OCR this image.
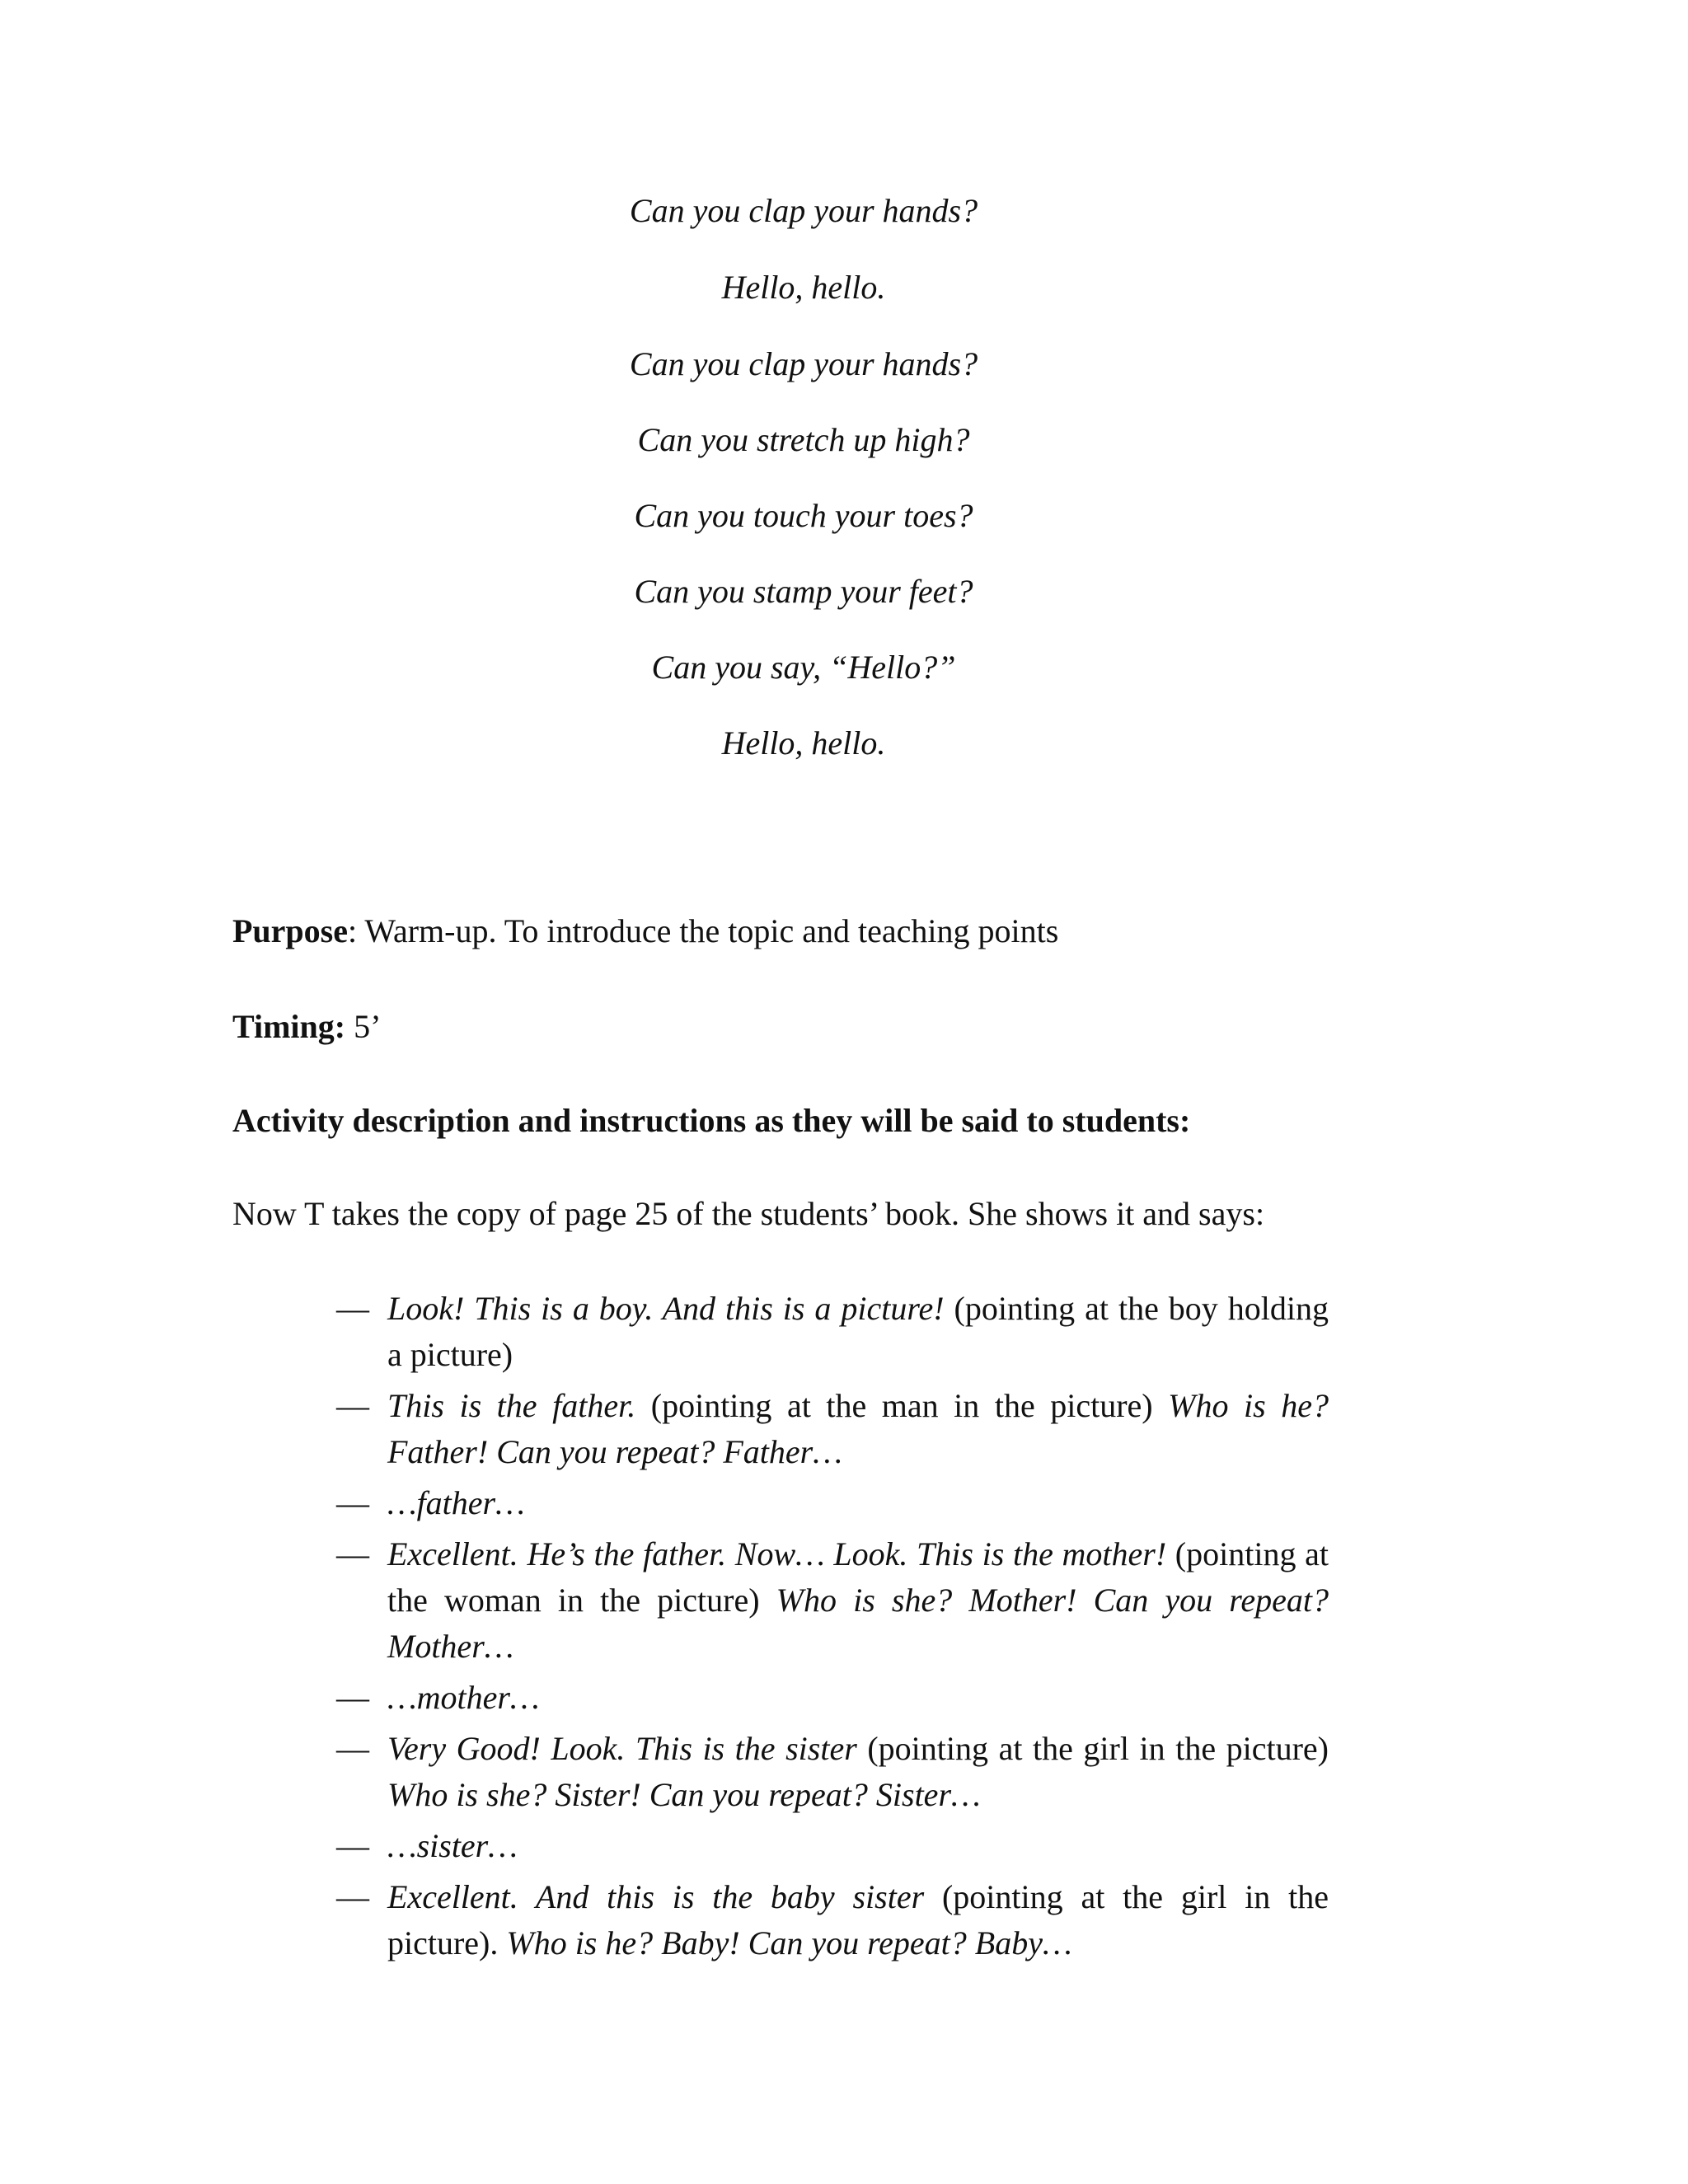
Can you clap your hands?
Hello, hello.
Can you clap your hands?
Can you stretch up high?
Can you touch your toes?
Can you stamp your feet?
Can you say, “Hello?”
Hello, hello.
Purpose: Warm-up. To introduce the topic and teaching points
Timing: 5’
Activity description and instructions as they will be said to students:
Now T takes the copy of page 25 of the students’ book. She shows it and says:
— Look! This is a boy. And this is a picture! (pointing at the boy holding a picture)
— This is the father. (pointing at the man in the picture) Who is he? Father! Can you repeat? Father…
— …father…
— Excellent. He’s the father. Now… Look. This is the mother! (pointing at the woman in the picture) Who is she? Mother! Can you repeat? Mother…
— …mother…
— Very Good! Look. This is the sister (pointing at the girl in the picture) Who is she? Sister! Can you repeat? Sister…
— …sister…
— Excellent. And this is the baby sister (pointing at the girl in the picture). Who is he? Baby! Can you repeat? Baby…
